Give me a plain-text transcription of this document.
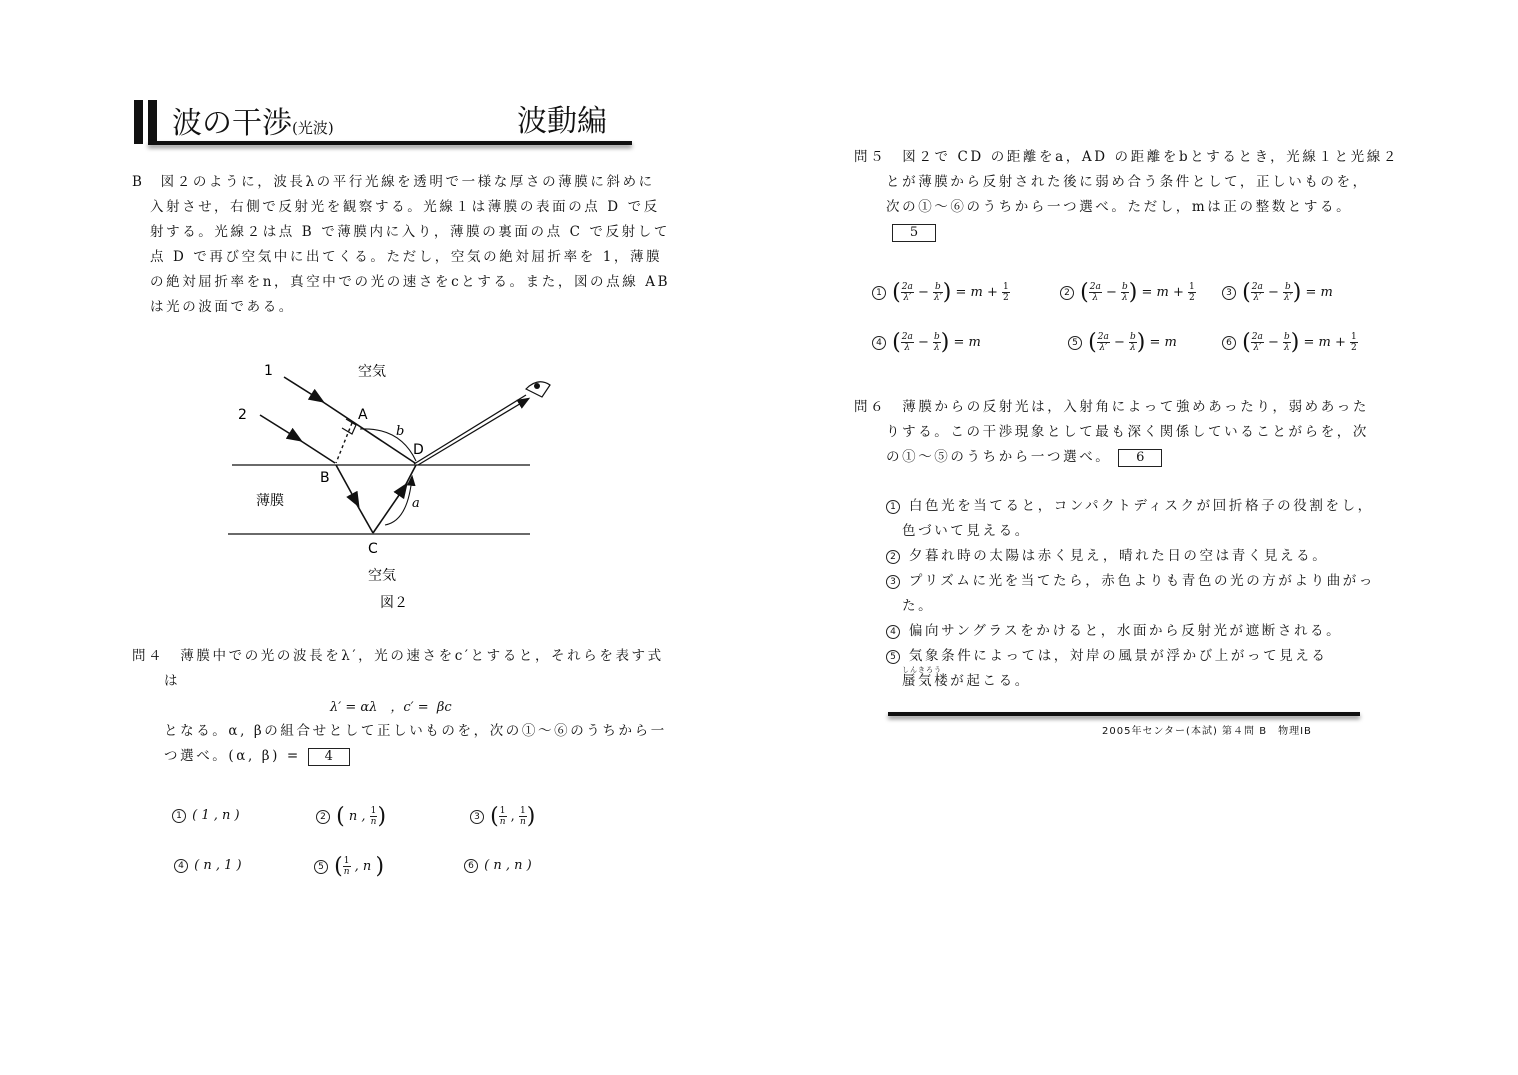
波の干渉(光波)	波動編
B　図２のように，波長λの平行光線を透明で一様な厚さの薄膜に斜めに
入射させ，右側で反射光を観察する。光線１は薄膜の表面の点 D で反
射する。光線２は点 B で薄膜内に入り，薄膜の裏面の点 C で反射して
点 D で再び空気中に出てくる。ただし，空気の絶対屈折率を 1，薄膜
の絶対屈折率をn，真空中での光の速さをcとする。また，図の点線 AB
は光の波面である。
1
2
空気
A
b
D
B
薄膜	a
C
空気
図２
問４　薄膜中での光の波長をλ′，光の速さをc′とすると，それらを表す式
は
λ′ = αλ　，c′ =  βc
となる。α, βの組合せとして正しいものを，次の①〜⑥のうちから一
つ選べ。(α, β) = 4
1 ( 1 , n )	2 ( n , $\frac{1}{n}$ )	3 ( $\frac{1}{n}$ , $\frac{1}{n}$ )
4 ( n , 1 )	5 ( $\frac{1}{n}$ , n )	6 ( n , n )
問５　図２で CD の距離をa，AD の距離をbとするとき，光線１と光線２
とが薄膜から反射された後に弱め合う条件として，正しいものを，
次の①〜⑥のうちから一つ選べ。ただし，mは正の整数とする。
5
1 ( $\frac{2a}{\lambda'} - \frac{b}{\lambda'}$ ) = $m + \frac{1}{2}$	2 ( $\frac{2a}{\lambda} - \frac{b}{\lambda}$ ) = $m + \frac{1}{2}$	3 ( $\frac{2a}{\lambda'} - \frac{b}{\lambda'}$ ) = m
4 ( $\frac{2a}{\lambda} - \frac{b}{\lambda}$ ) = m	5 ( $\frac{2a}{\lambda'} - \frac{b}{\lambda}$ ) = m	6 ( $\frac{2a}{\lambda'} - \frac{b}{\lambda}$ ) = $m + \frac{1}{2}$
問６　薄膜からの反射光は，入射角によって強めあったり，弱めあった
りする。この干渉現象として最も深く関係していることがらを，次
の①〜⑤のうちから一つ選べ。 6
1 白色光を当てると，コンパクトディスクが回折格子の役割をし，
色づいて見える。
2 夕暮れ時の太陽は赤く見え，晴れた日の空は青く見える。
3 プリズムに光を当てたら，赤色よりも青色の光の方がより曲がっ
た。
4 偏向サングラスをかけると，水面から反射光が遮断される。
5 気象条件によっては，対岸の風景が浮かび上がって見える
しんきろう
蜃気楼が起こる。
2005年センター(本試) 第４問 B　物理ⅠB
